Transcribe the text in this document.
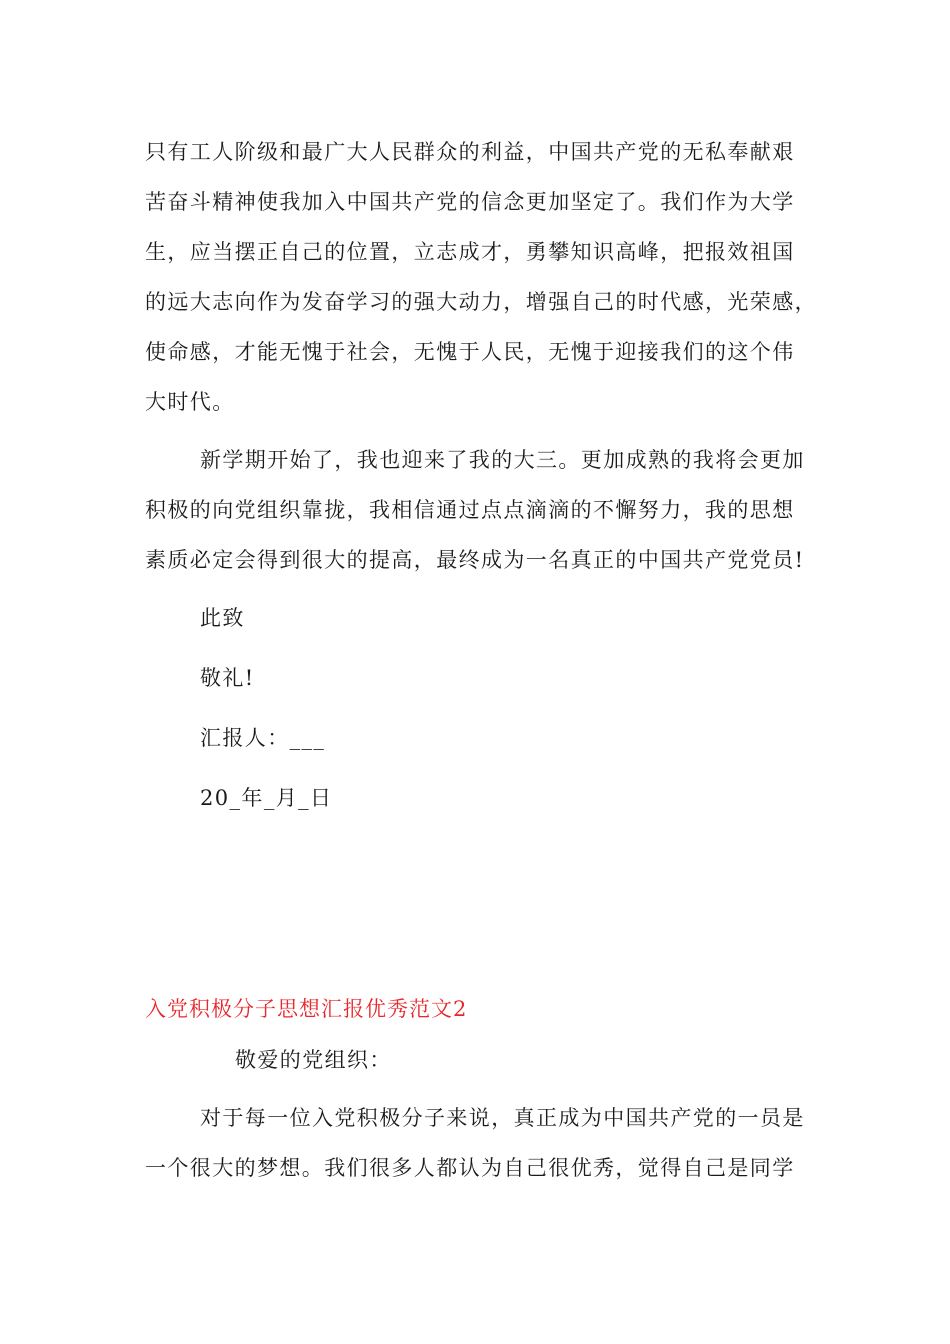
只有工人阶级和最广大人民群众的利益，中国共产党的无私奉献艰
苦奋斗精神使我加入中国共产党的信念更加坚定了。我们作为大学
生，应当摆正自己的位置，立志成才，勇攀知识高峰，把报效祖国
的远大志向作为发奋学习的强大动力，增强自己的时代感，光荣感，
使命感，才能无愧于社会，无愧于人民，无愧于迎接我们的这个伟
大时代。
新学期开始了，我也迎来了我的大三。更加成熟的我将会更加
积极的向党组织靠拢，我相信通过点点滴滴的不懈努力，我的思想
素质必定会得到很大的提高，最终成为一名真正的中国共产党党员!
此致
敬礼!
汇报人：___
20_年_月_日
入党积极分子思想汇报优秀范文2
敬爱的党组织：
对于每一位入党积极分子来说，真正成为中国共产党的一员是
一个很大的梦想。我们很多人都认为自己很优秀，觉得自己是同学
